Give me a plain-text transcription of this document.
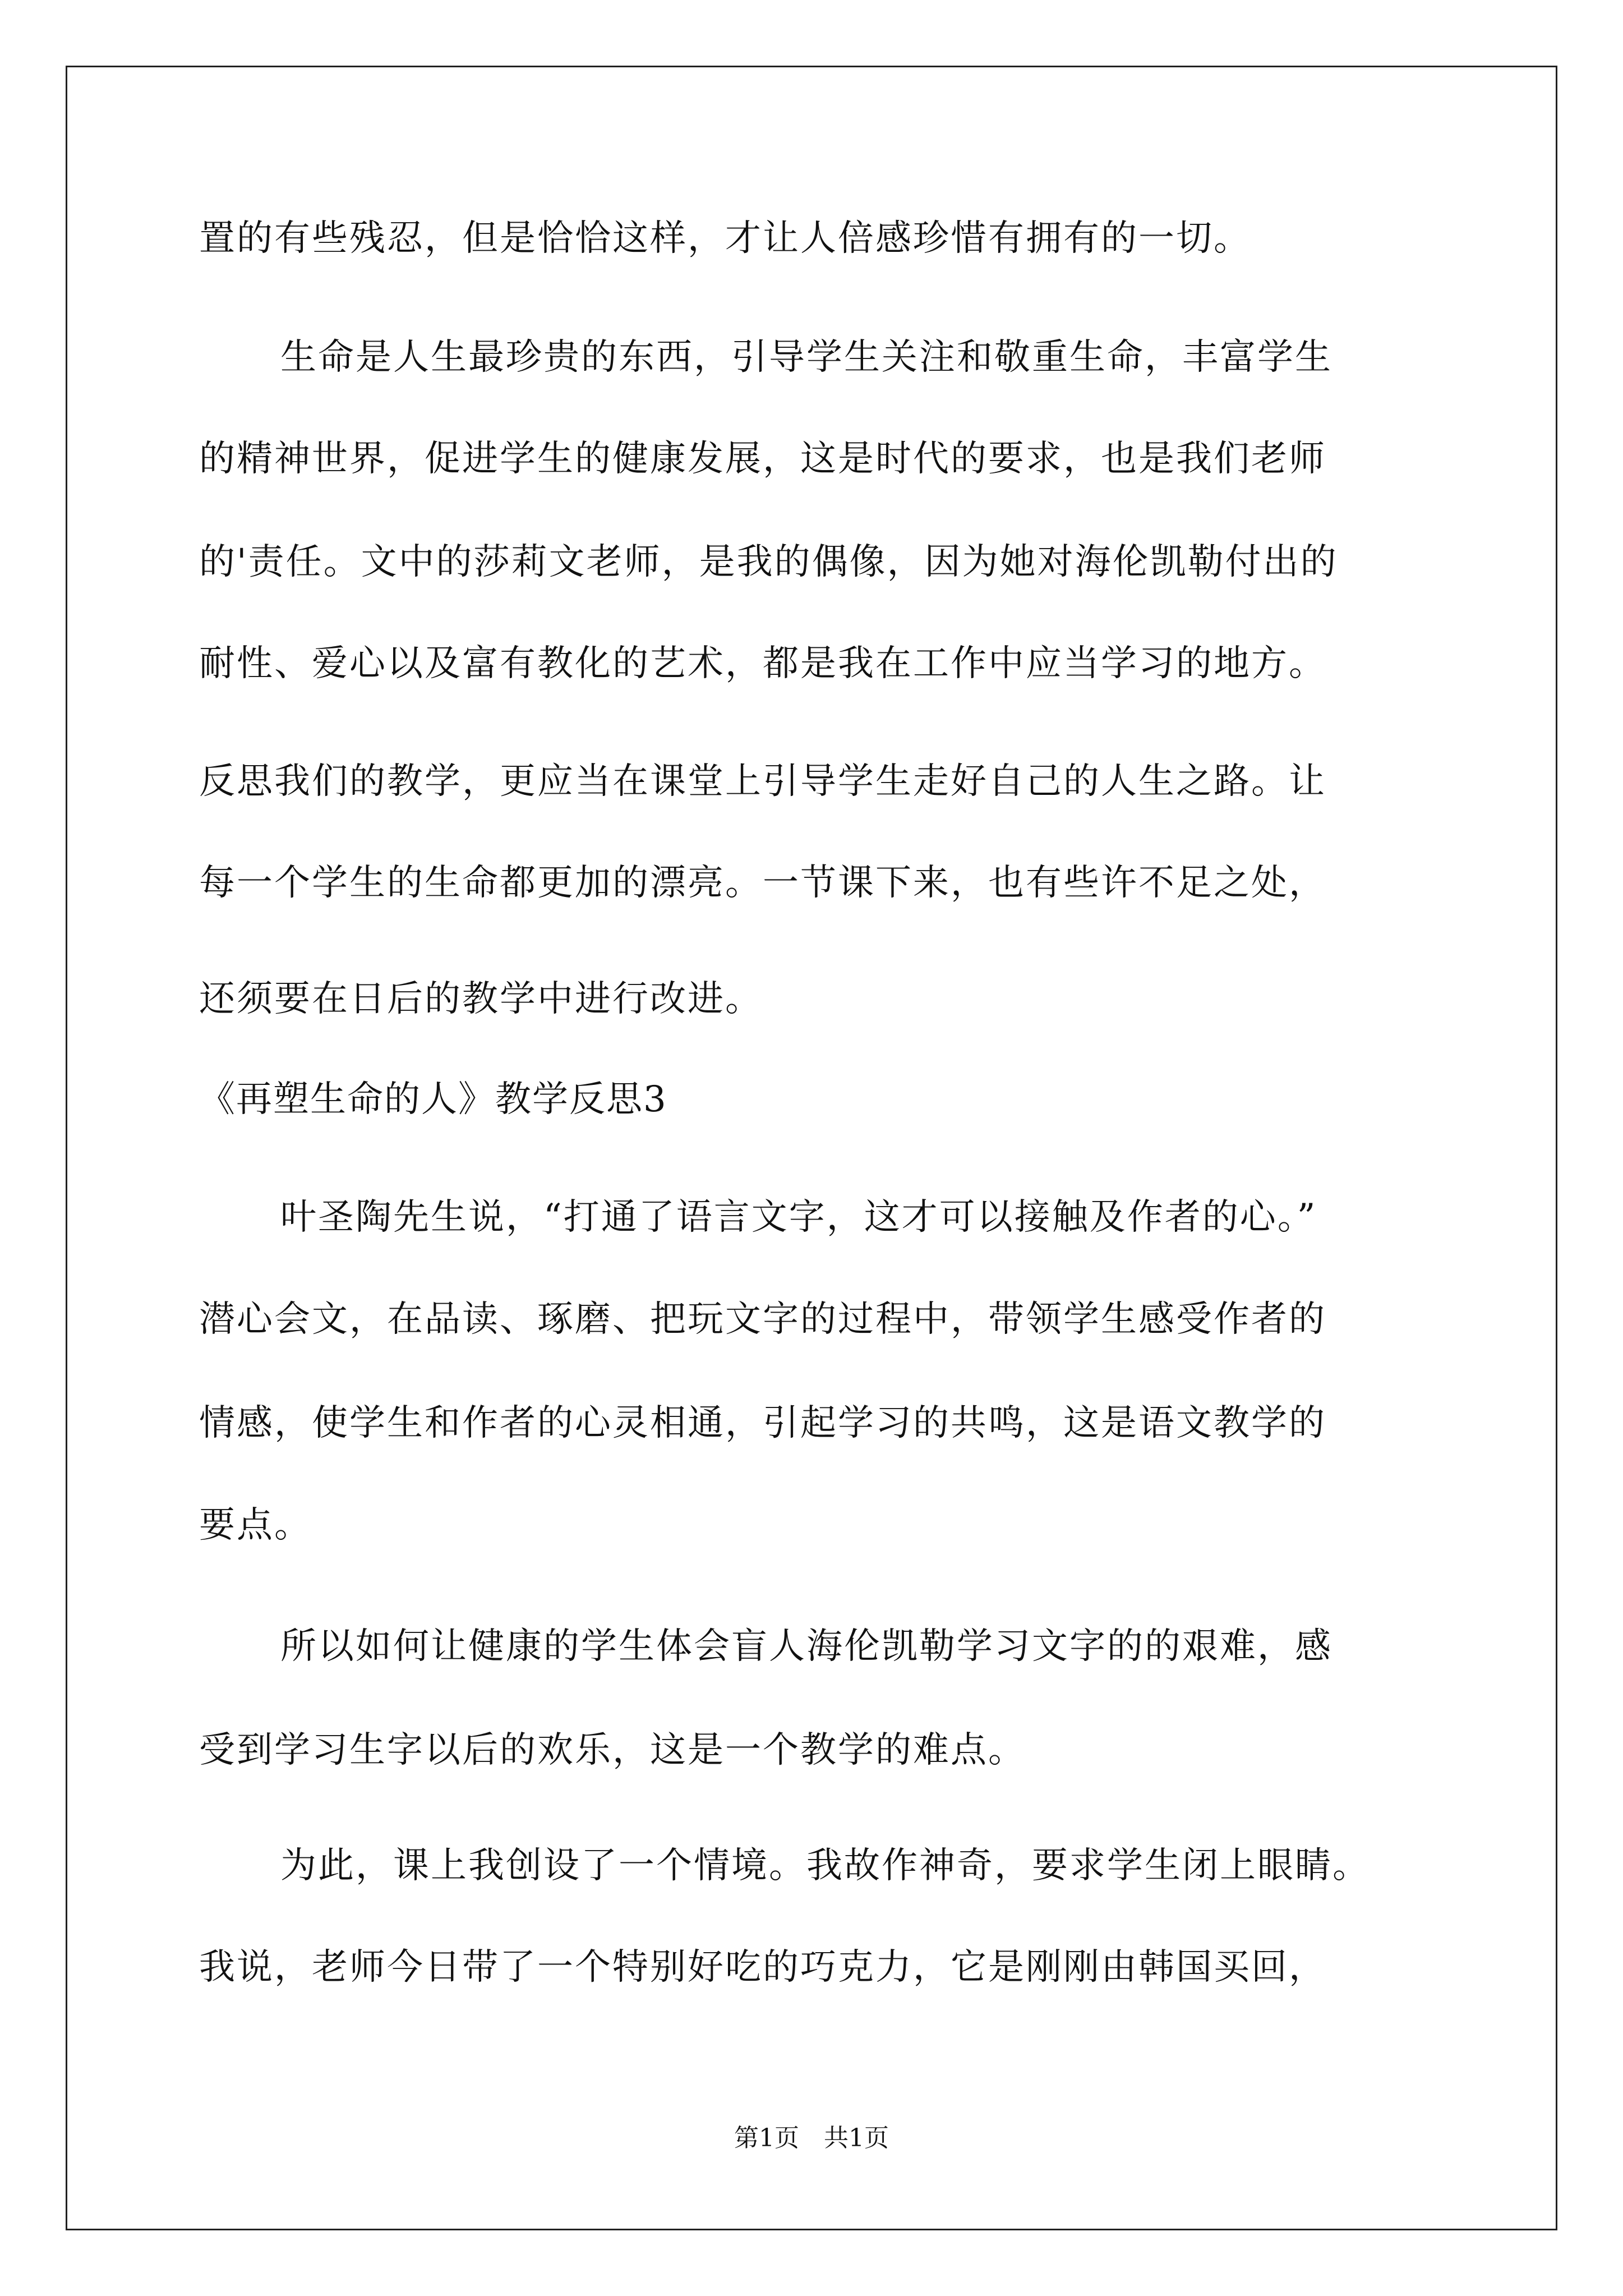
置的有些残忍，但是恰恰这样，才让人倍感珍惜有拥有的一切。
生命是人生最珍贵的东西，引导学生关注和敬重生命，丰富学生
的精神世界，促进学生的健康发展，这是时代的要求，也是我们老师
的'责任。文中的莎莉文老师，是我的偶像，因为她对海伦凯勒付出的
耐性、爱心以及富有教化的艺术，都是我在工作中应当学习的地方。
反思我们的教学，更应当在课堂上引导学生走好自己的人生之路。让
每一个学生的生命都更加的漂亮。一节课下来，也有些许不足之处，
还须要在日后的教学中进行改进。
《再塑生命的人》教学反思3
叶圣陶先生说，“打通了语言文字，这才可以接触及作者的心。”
潜心会文，在品读、琢磨、把玩文字的过程中，带领学生感受作者的
情感，使学生和作者的心灵相通，引起学习的共鸣，这是语文教学的
要点。
所以如何让健康的学生体会盲人海伦凯勒学习文字的的艰难，感
受到学习生字以后的欢乐，这是一个教学的难点。
为此，课上我创设了一个情境。我故作神奇，要求学生闭上眼睛。
我说，老师今日带了一个特别好吃的巧克力，它是刚刚由韩国买回，
第1页　共1页
